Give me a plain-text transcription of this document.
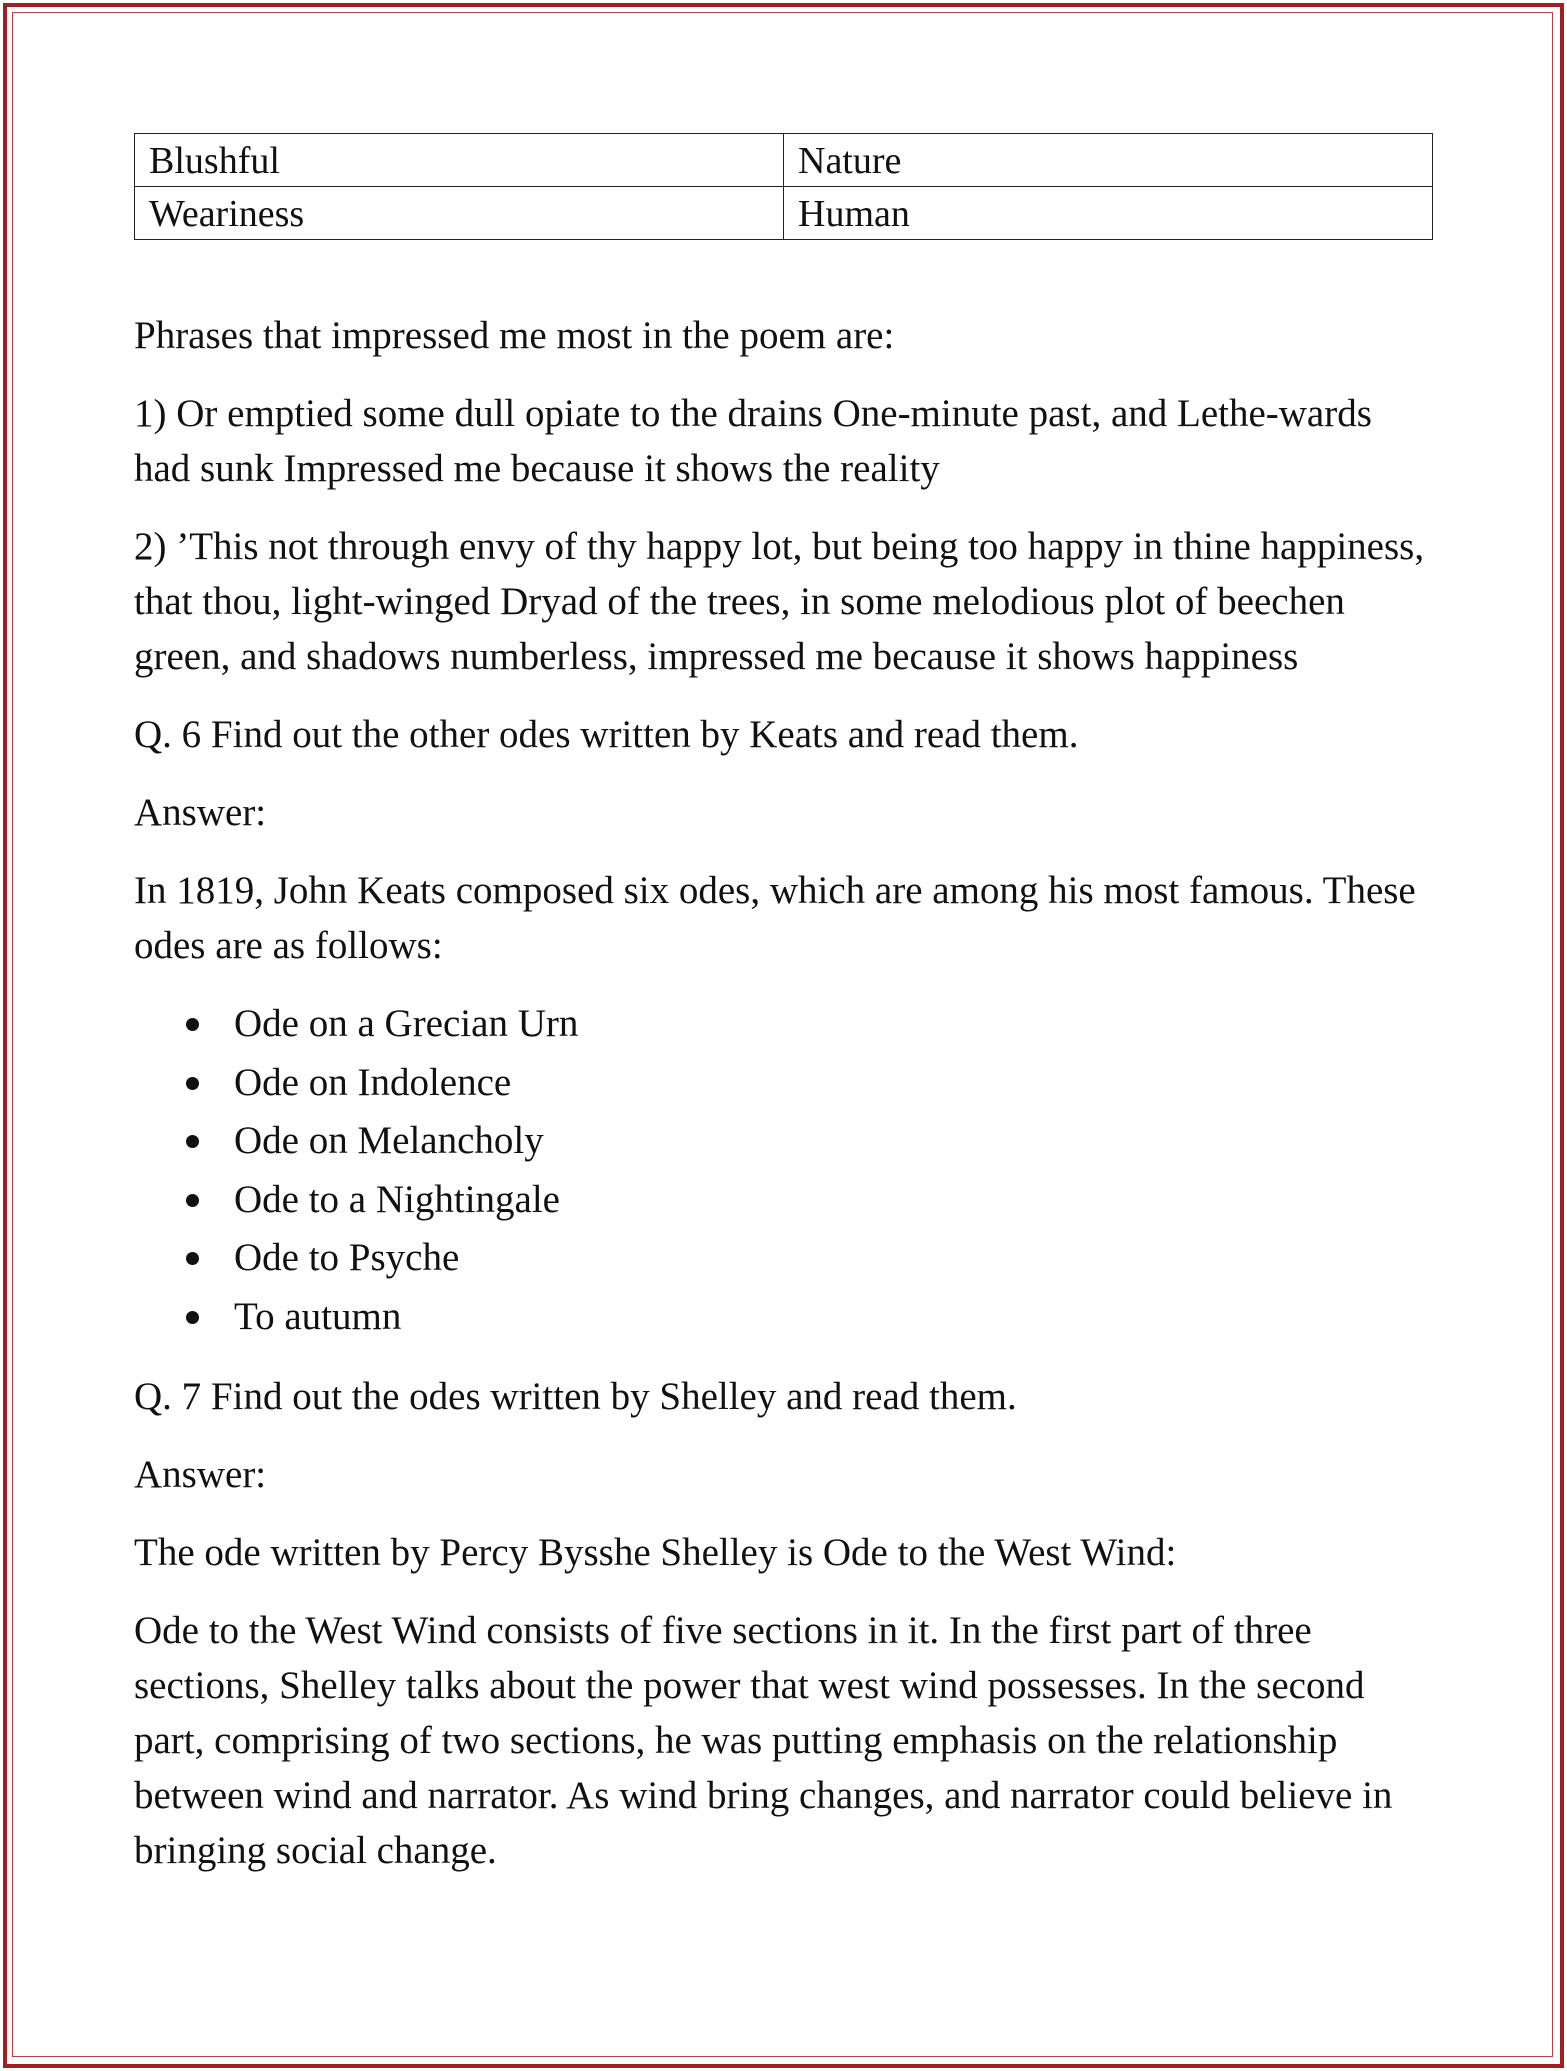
Blushful	Nature
Weariness	Human

Phrases that impressed me most in the poem are:

1) Or emptied some dull opiate to the drains One-minute past, and Lethe-wards had sunk Impressed me because it shows the reality

2) ’This not through envy of thy happy lot, but being too happy in thine happiness, that thou, light-winged Dryad of the trees, in some melodious plot of beechen green, and shadows numberless, impressed me because it shows happiness

Q. 6 Find out the other odes written by Keats and read them.

Answer:

In 1819, John Keats composed six odes, which are among his most famous. These odes are as follows:

Ode on a Grecian Urn
Ode on Indolence
Ode on Melancholy
Ode to a Nightingale
Ode to Psyche
To autumn

Q. 7 Find out the odes written by Shelley and read them.

Answer:

The ode written by Percy Bysshe Shelley is Ode to the West Wind:

Ode to the West Wind consists of five sections in it. In the first part of three sections, Shelley talks about the power that west wind possesses. In the second part, comprising of two sections, he was putting emphasis on the relationship between wind and narrator. As wind bring changes, and narrator could believe in bringing social change.
